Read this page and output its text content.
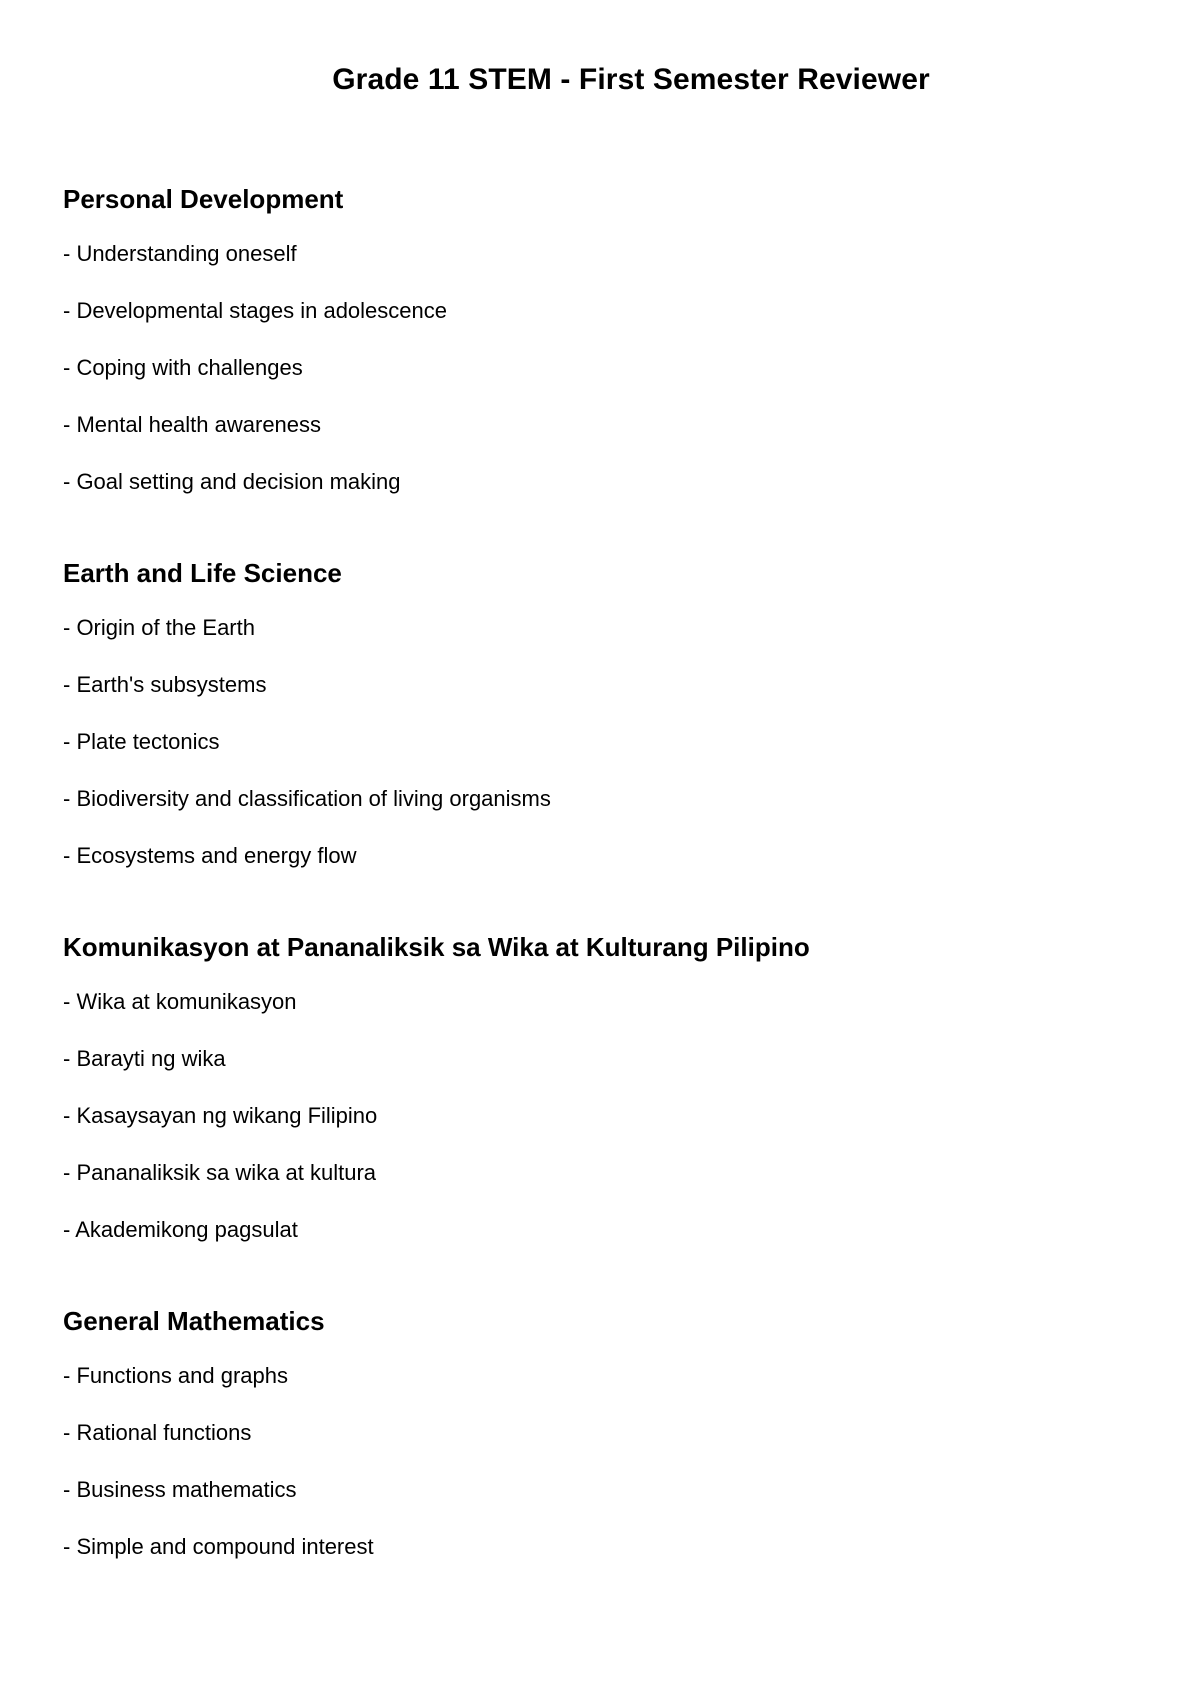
Grade 11 STEM - First Semester Reviewer
Personal Development
- Understanding oneself
- Developmental stages in adolescence
- Coping with challenges
- Mental health awareness
- Goal setting and decision making
Earth and Life Science
- Origin of the Earth
- Earth's subsystems
- Plate tectonics
- Biodiversity and classification of living organisms
- Ecosystems and energy flow
Komunikasyon at Pananaliksik sa Wika at Kulturang Pilipino
- Wika at komunikasyon
- Barayti ng wika
- Kasaysayan ng wikang Filipino
- Pananaliksik sa wika at kultura
- Akademikong pagsulat
General Mathematics
- Functions and graphs
- Rational functions
- Business mathematics
- Simple and compound interest
